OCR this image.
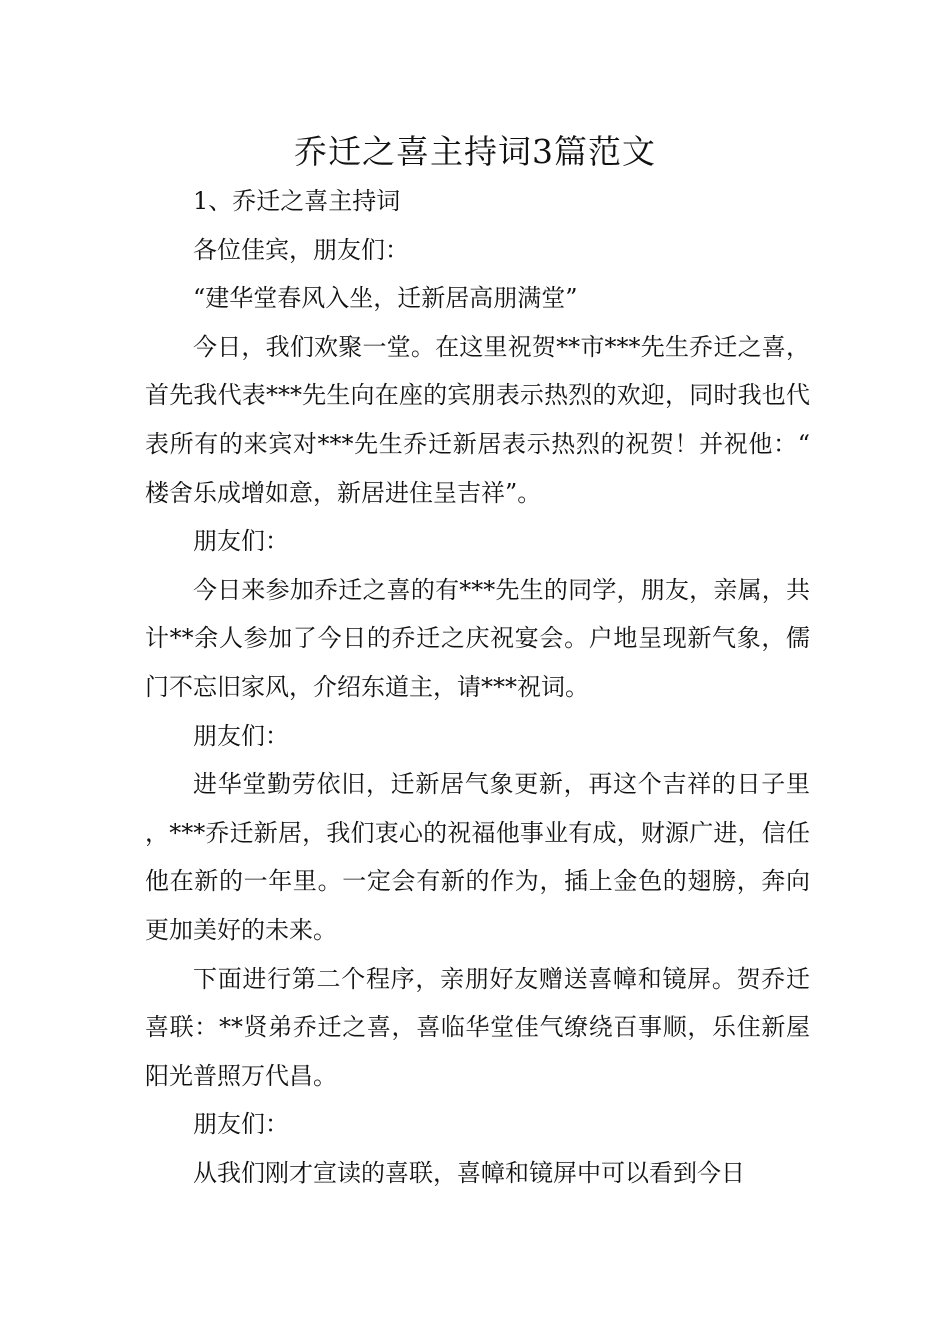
乔迁之喜主持词3篇范文

1、乔迁之喜主持词

各位佳宾，朋友们：

“建华堂春风入坐，迁新居高朋满堂”

今日，我们欢聚一堂。在这里祝贺**市***先生乔迁之喜，首先我代表***先生向在座的宾朋表示热烈的欢迎，同时我也代表所有的来宾对***先生乔迁新居表示热烈的祝贺！并祝他：“楼舍乐成增如意，新居进住呈吉祥”。

朋友们：

今日来参加乔迁之喜的有***先生的同学，朋友，亲属，共计**余人参加了今日的乔迁之庆祝宴会。户地呈现新气象，儒门不忘旧家风，介绍东道主，请***祝词。

朋友们：

进华堂勤劳依旧，迁新居气象更新，再这个吉祥的日子里，***乔迁新居，我们衷心的祝福他事业有成，财源广进，信任他在新的一年里。一定会有新的作为，插上金色的翅膀，奔向更加美好的未来。

下面进行第二个程序，亲朋好友赠送喜幛和镜屏。贺乔迁喜联：**贤弟乔迁之喜，喜临华堂佳气缭绕百事顺，乐住新屋阳光普照万代昌。

朋友们：

从我们刚才宣读的喜联，喜幛和镜屏中可以看到今日
